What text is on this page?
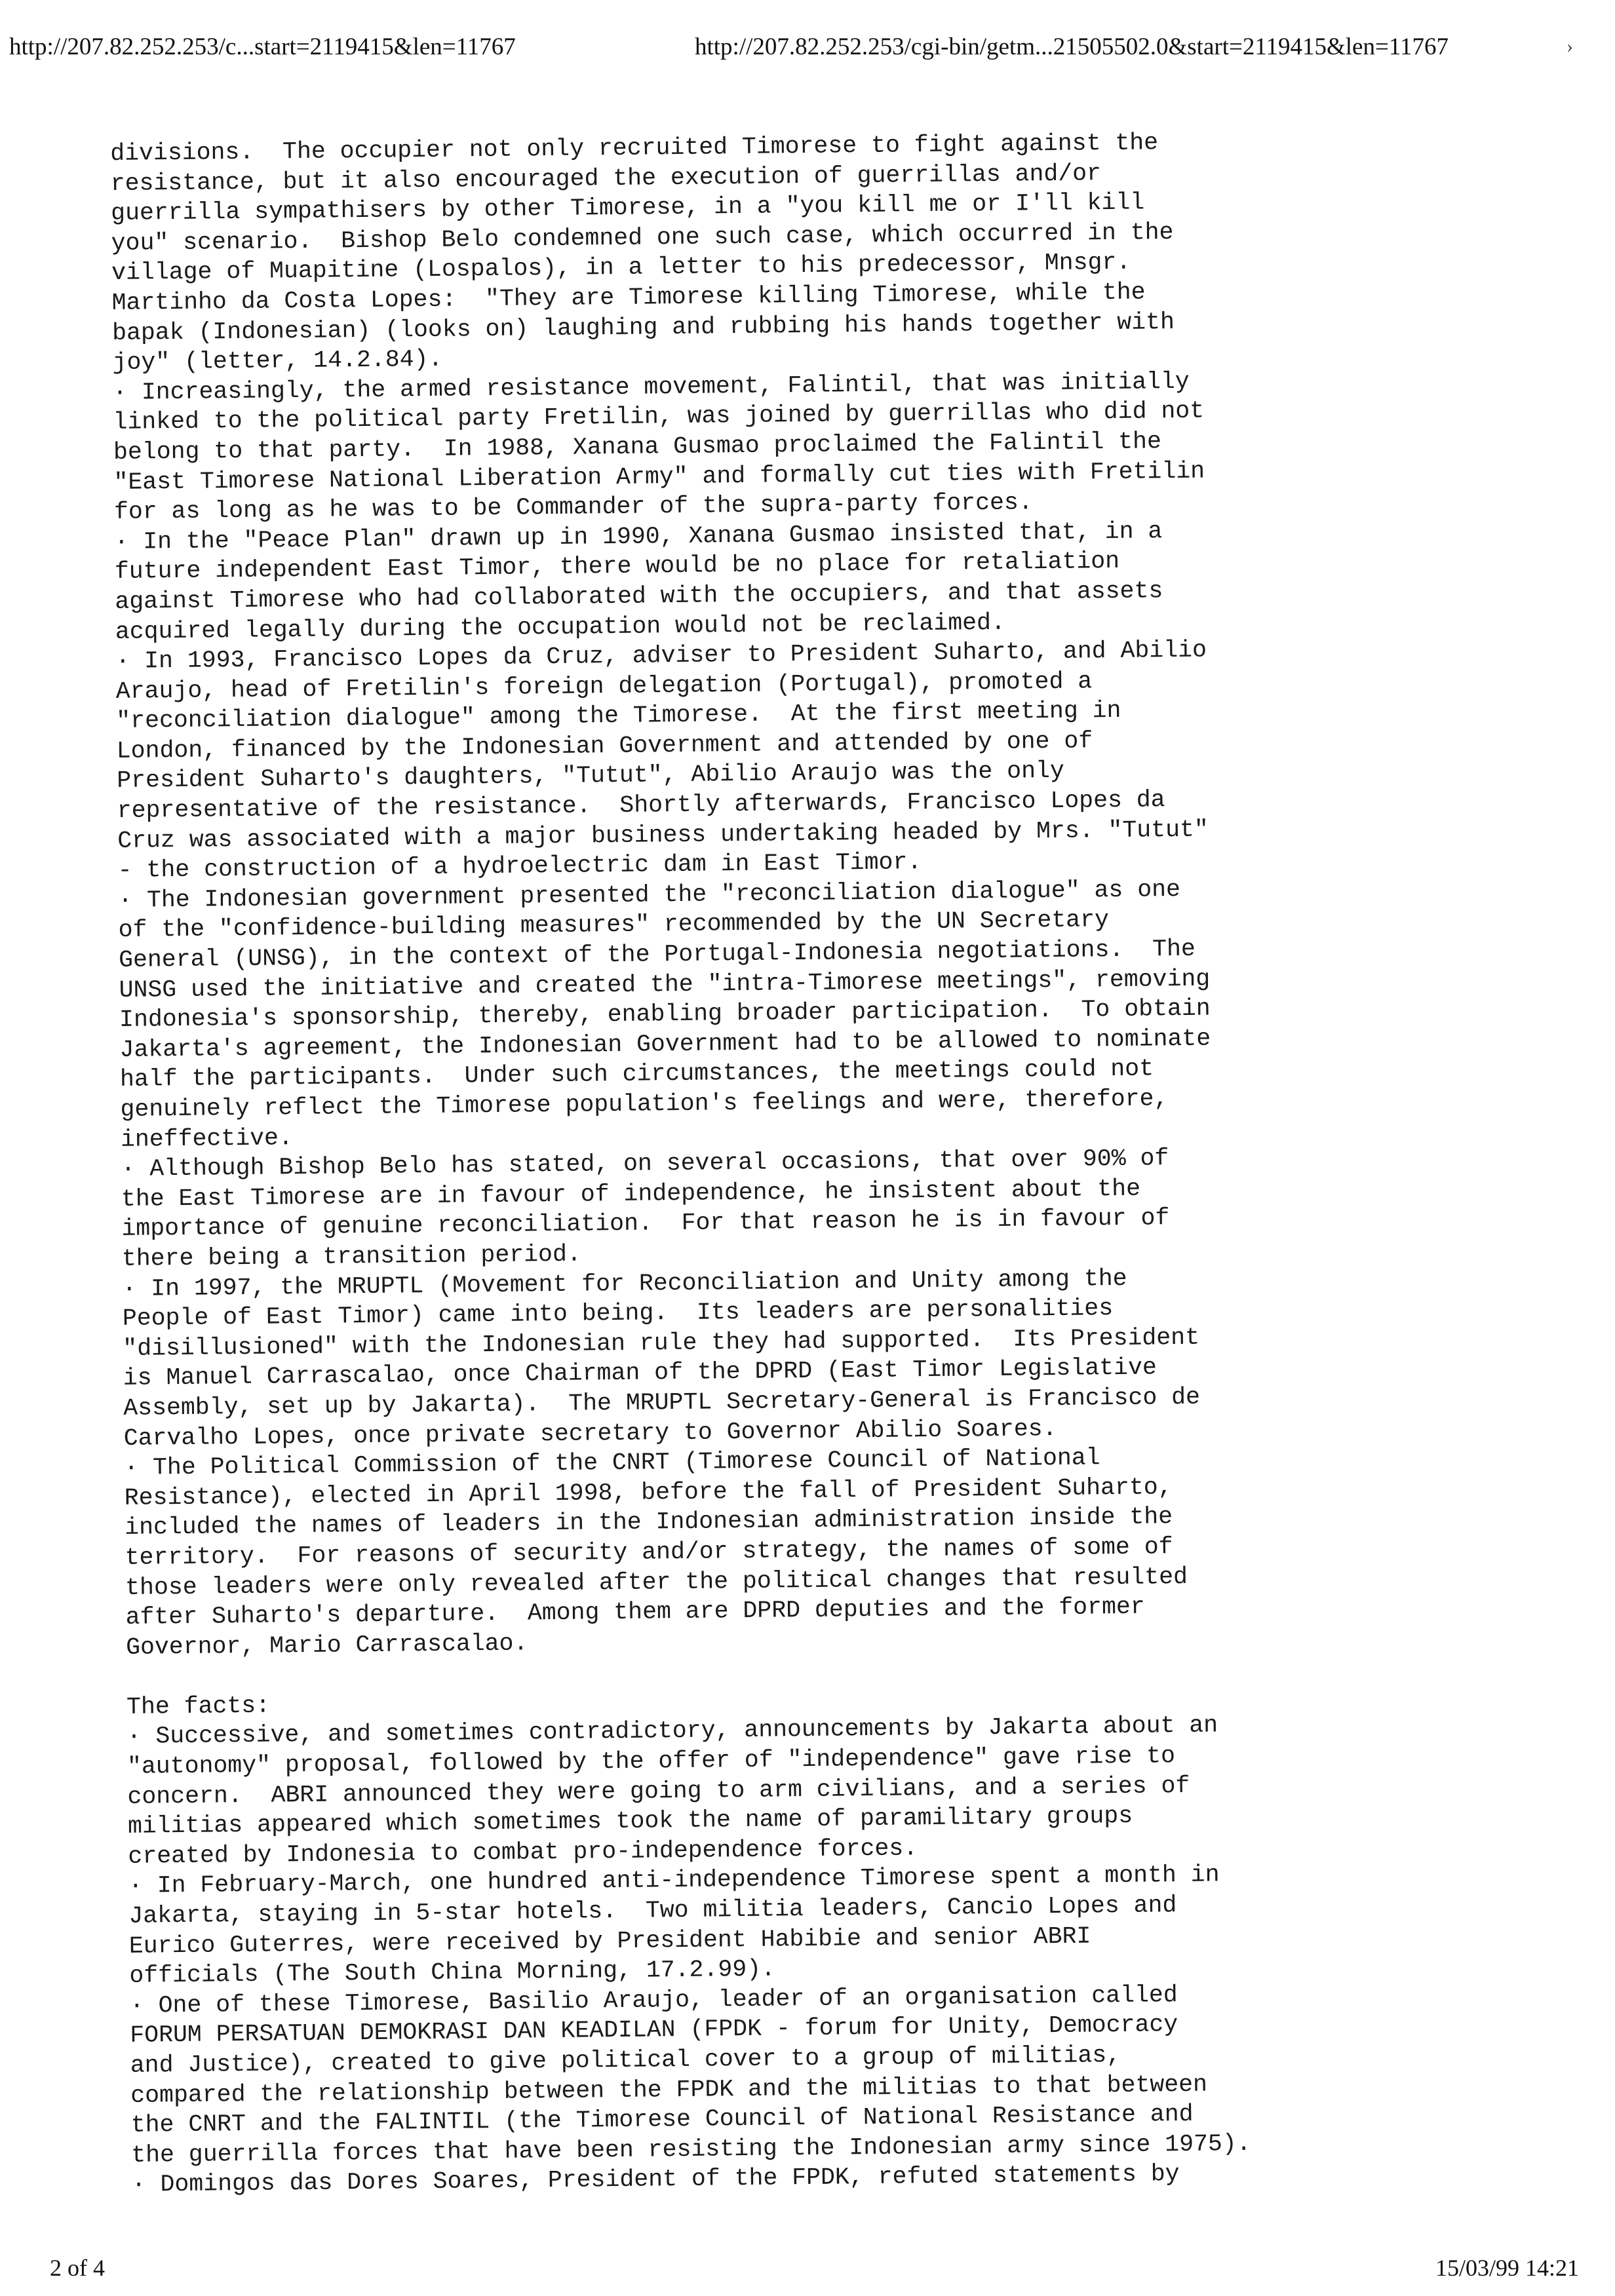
http://207.82.252.253/c...start=2119415&len=11767	http://207.82.252.253/cgi-bin/getm...21505502.0&start=2119415&len=11767	›
divisions.  The occupier not only recruited Timorese to fight against the
resistance, but it also encouraged the execution of guerrillas and/or
guerrilla sympathisers by other Timorese, in a "you kill me or I'll kill
you" scenario.  Bishop Belo condemned one such case, which occurred in the
village of Muapitine (Lospalos), in a letter to his predecessor, Mnsgr.
Martinho da Costa Lopes:  "They are Timorese killing Timorese, while the
bapak (Indonesian) (looks on) laughing and rubbing his hands together with
joy" (letter, 14.2.84).
· Increasingly, the armed resistance movement, Falintil, that was initially
linked to the political party Fretilin, was joined by guerrillas who did not
belong to that party.  In 1988, Xanana Gusmao proclaimed the Falintil the
"East Timorese National Liberation Army" and formally cut ties with Fretilin
for as long as he was to be Commander of the supra-party forces.
· In the "Peace Plan" drawn up in 1990, Xanana Gusmao insisted that, in a
future independent East Timor, there would be no place for retaliation
against Timorese who had collaborated with the occupiers, and that assets
acquired legally during the occupation would not be reclaimed.
· In 1993, Francisco Lopes da Cruz, adviser to President Suharto, and Abilio
Araujo, head of Fretilin's foreign delegation (Portugal), promoted a
"reconciliation dialogue" among the Timorese.  At the first meeting in
London, financed by the Indonesian Government and attended by one of
President Suharto's daughters, "Tutut", Abilio Araujo was the only
representative of the resistance.  Shortly afterwards, Francisco Lopes da
Cruz was associated with a major business undertaking headed by Mrs. "Tutut"
- the construction of a hydroelectric dam in East Timor.
· The Indonesian government presented the "reconciliation dialogue" as one
of the "confidence-building measures" recommended by the UN Secretary
General (UNSG), in the context of the Portugal-Indonesia negotiations.  The
UNSG used the initiative and created the "intra-Timorese meetings", removing
Indonesia's sponsorship, thereby, enabling broader participation.  To obtain
Jakarta's agreement, the Indonesian Government had to be allowed to nominate
half the participants.  Under such circumstances, the meetings could not
genuinely reflect the Timorese population's feelings and were, therefore,
ineffective.
· Although Bishop Belo has stated, on several occasions, that over 90% of
the East Timorese are in favour of independence, he insistent about the
importance of genuine reconciliation.  For that reason he is in favour of
there being a transition period.
· In 1997, the MRUPTL (Movement for Reconciliation and Unity among the
People of East Timor) came into being.  Its leaders are personalities
"disillusioned" with the Indonesian rule they had supported.  Its President
is Manuel Carrascalao, once Chairman of the DPRD (East Timor Legislative
Assembly, set up by Jakarta).  The MRUPTL Secretary-General is Francisco de
Carvalho Lopes, once private secretary to Governor Abilio Soares.
· The Political Commission of the CNRT (Timorese Council of National
Resistance), elected in April 1998, before the fall of President Suharto,
included the names of leaders in the Indonesian administration inside the
territory.  For reasons of security and/or strategy, the names of some of
those leaders were only revealed after the political changes that resulted
after Suharto's departure.  Among them are DPRD deputies and the former
Governor, Mario Carrascalao.
The facts:
· Successive, and sometimes contradictory, announcements by Jakarta about an
"autonomy" proposal, followed by the offer of "independence" gave rise to
concern.  ABRI announced they were going to arm civilians, and a series of
militias appeared which sometimes took the name of paramilitary groups
created by Indonesia to combat pro-independence forces.
· In February-March, one hundred anti-independence Timorese spent a month in
Jakarta, staying in 5-star hotels.  Two militia leaders, Cancio Lopes and
Eurico Guterres, were received by President Habibie and senior ABRI
officials (The South China Morning, 17.2.99).
· One of these Timorese, Basilio Araujo, leader of an organisation called
FORUM PERSATUAN DEMOKRASI DAN KEADILAN (FPDK - forum for Unity, Democracy
and Justice), created to give political cover to a group of militias,
compared the relationship between the FPDK and the militias to that between
the CNRT and the FALINTIL (the Timorese Council of National Resistance and
the guerrilla forces that have been resisting the Indonesian army since 1975).
· Domingos das Dores Soares, President of the FPDK, refuted statements by
2 of 4	15/03/99 14:21
